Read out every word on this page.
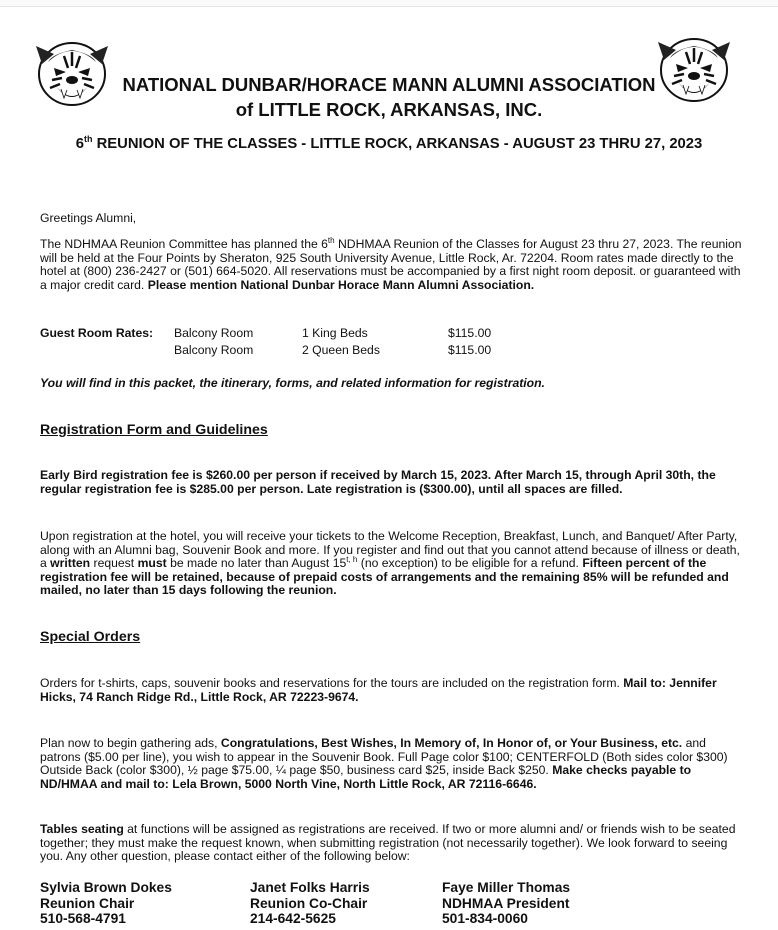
NATIONAL DUNBAR/HORACE MANN ALUMNI ASSOCIATION
of LITTLE ROCK, ARKANSAS, INC.
6th REUNION OF THE CLASSES - LITTLE ROCK, ARKANSAS - AUGUST 23 THRU 27, 2023
Greetings Alumni,
The NDHMAA Reunion Committee has planned the 6th NDHMAA Reunion of the Classes for August 23 thru 27, 2023. The reunion will be held at the Four Points by Sheraton, 925 South University Avenue, Little Rock, Ar. 72204. Room rates made directly to the hotel at (800) 236-2427 or (501) 664-5020. All reservations must be accompanied by a first night room deposit. or guaranteed with a major credit card. Please mention National Dunbar Horace Mann Alumni Association.
Guest Room Rates:	Balcony Room	1 King Beds	$115.00
	Balcony Room	2 Queen Beds	$115.00
You will find in this packet, the itinerary, forms, and related information for registration.
Registration Form and Guidelines
Early Bird registration fee is $260.00 per person if received by March 15, 2023. After March 15, through April 30th, the regular registration fee is $285.00 per person. Late registration is ($300.00), until all spaces are filled.
Upon registration at the hotel, you will receive your tickets to the Welcome Reception, Breakfast, Lunch, and Banquet/ After Party, along with an Alumni bag, Souvenir Book and more. If you register and find out that you cannot attend because of illness or death, a written request must be made no later than August 15$^{t, h}$ (no exception) to be eligible for a refund. Fifteen percent of the registration fee will be retained, because of prepaid costs of arrangements and the remaining 85% will be refunded and mailed, no later than 15 days following the reunion.
Special Orders
Orders for t-shirts, caps, souvenir books and reservations for the tours are included on the registration form. Mail to: Jennifer Hicks, 74 Ranch Ridge Rd., Little Rock, AR 72223-9674.
Plan now to begin gathering ads, Congratulations, Best Wishes, In Memory of, In Honor of, or Your Business, etc. and patrons ($5.00 per line), you wish to appear in the Souvenir Book. Full Page color $100; CENTERFOLD (Both sides color $300) Outside Back (color $300), ½ page $75.00, ¼ page $50, business card $25, inside Back $250. Make checks payable to ND/HMAA and mail to: Lela Brown, 5000 North Vine, North Little Rock, AR 72116-6646.
Tables seating at functions will be assigned as registrations are received. If two or more alumni and/ or friends wish to be seated together; they must make the request known, when submitting registration (not necessarily together). We look forward to seeing you. Any other question, please contact either of the following below:
Sylvia Brown Dokes
Reunion Chair
510-568-4791
Janet Folks Harris
Reunion Co-Chair
214-642-5625
Faye Miller Thomas
NDHMAA President
501-834-0060
